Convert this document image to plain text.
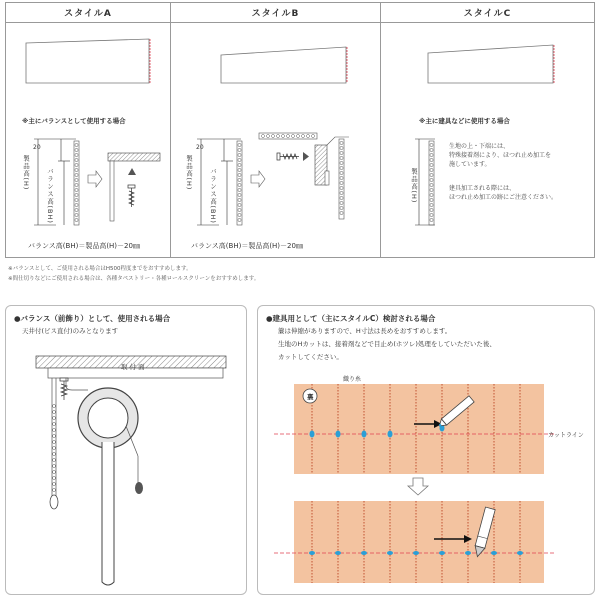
スタイルA
※主にバランスとして使用する場合
20
製品高(H) バランス高(BH)
バランス高(BH)＝製品高(H)－20㎜
スタイルB
20
製品高(H) バランス高(BH)
バランス高(BH)＝製品高(H)－20㎜
スタイルC
※主に建具などに使用する場合
製品高(H)
生地の上・下端には、
特殊接着剤により、ほつれ止め加工を
施しています。
建具加工される際には、
ほつれ止め加工の跡にご注意ください。
※バランスとして、ご使用される場合はH500程度までをおすすめします。
※間仕切りなどにご使用される場合は、各種タペストリー・各種ロールスクリーンをおすすめします。
●バランス（前飾り）として、使用される場合
天井付(ビス直付)のみとなります
取 付 面
●建具用として（主にスタイルC）検討される場合
簾は伸縮がありますので、H寸法は長めをおすすめします。
生地のHカットは、接着剤などで目止め(ホツレ)処理をしていただいた後、
カットしてください。
裏
織り糸
カットライン
